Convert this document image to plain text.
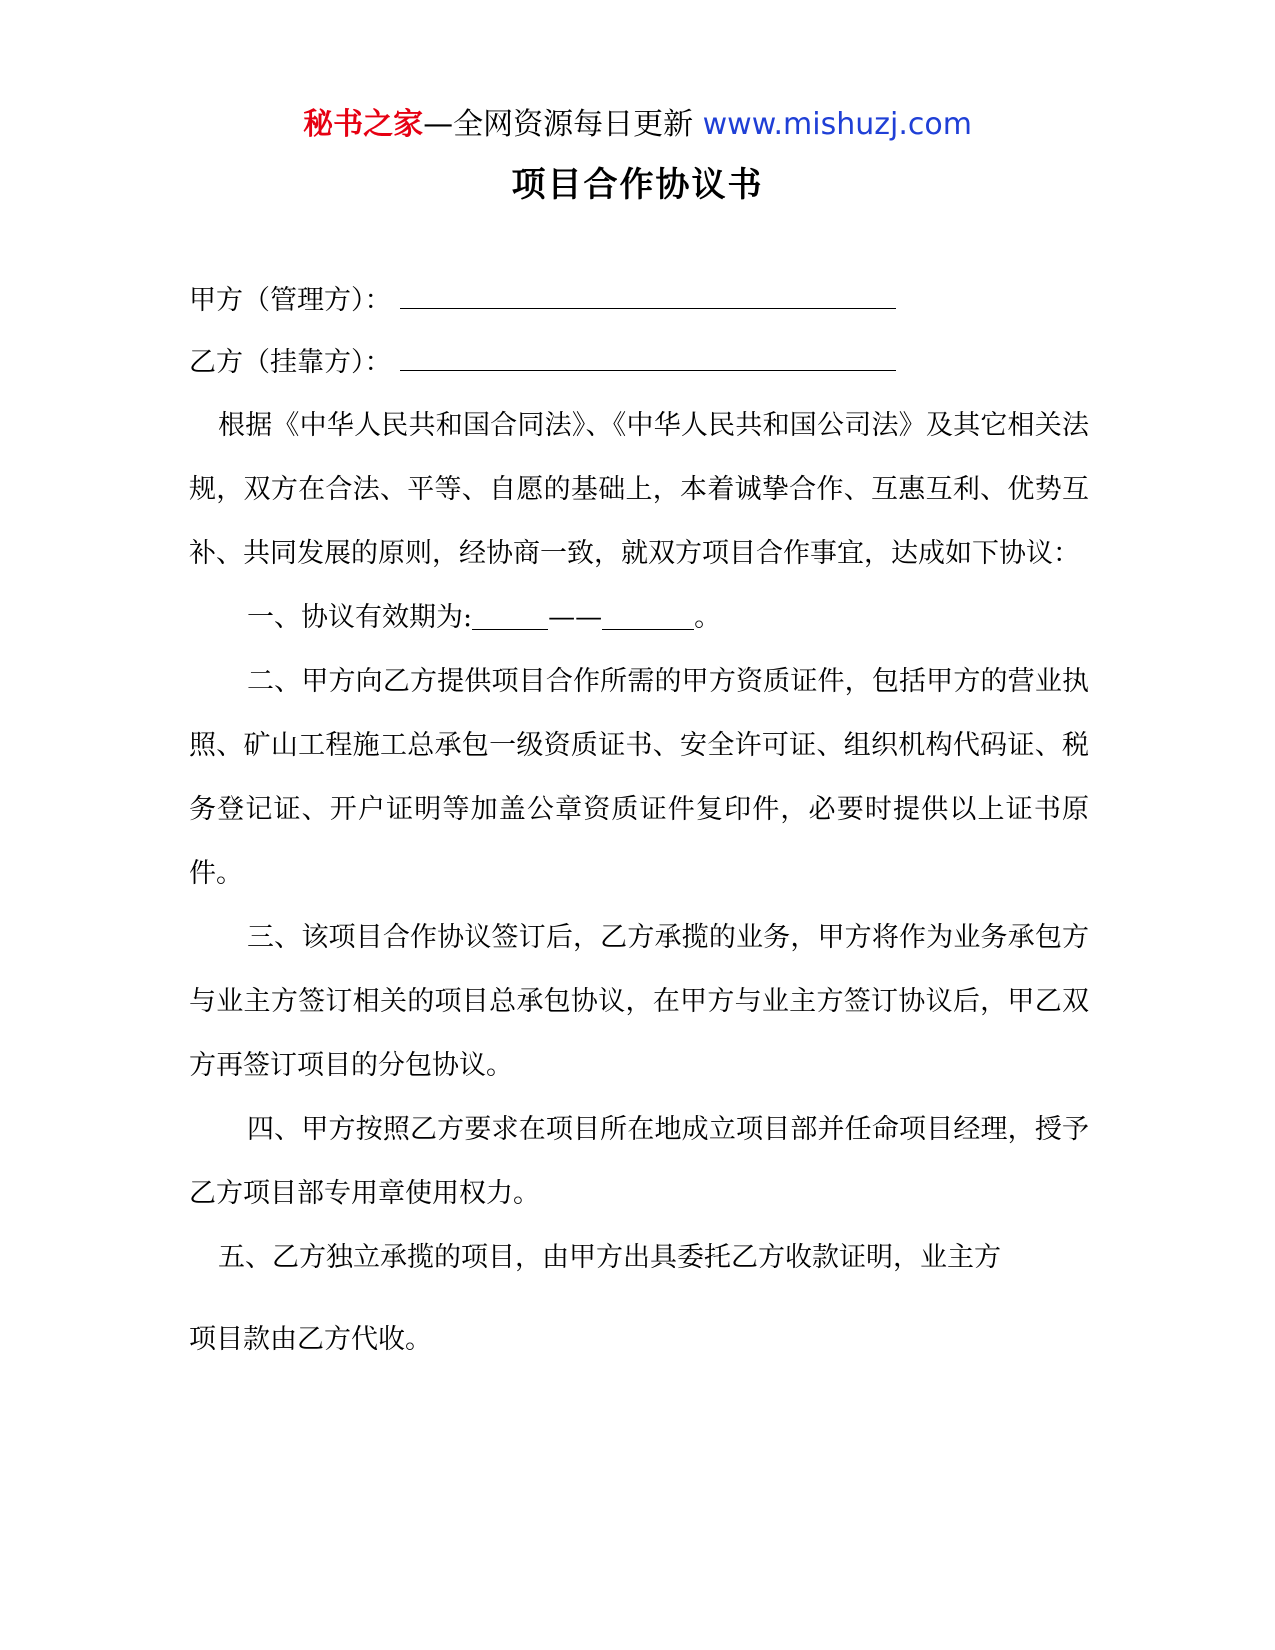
秘书之家—全网资源每日更新 www.mishuzj.com
项目合作协议书
甲方（管理方）：
乙方（挂靠方）：

根据《中华人民共和国合同法》、《中华人民共和国公司法》及其它相关法规，双方在合法、平等、自愿的基础上，本着诚挚合作、互惠互利、优势互补、共同发展的原则，经协商一致，就双方项目合作事宜，达成如下协议：

一、协议有效期为:	——	。

二、甲方向乙方提供项目合作所需的甲方资质证件，包括甲方的营业执照、矿山工程施工总承包一级资质证书、安全许可证、组织机构代码证、税务登记证、开户证明等加盖公章资质证件复印件，必要时提供以上证书原件。

三、该项目合作协议签订后，乙方承揽的业务，甲方将作为业务承包方与业主方签订相关的项目总承包协议，在甲方与业主方签订协议后，甲乙双方再签订项目的分包协议。

四、甲方按照乙方要求在项目所在地成立项目部并任命项目经理，授予乙方项目部专用章使用权力。

五、乙方独立承揽的项目，由甲方出具委托乙方收款证明，业主方

项目款由乙方代收。
